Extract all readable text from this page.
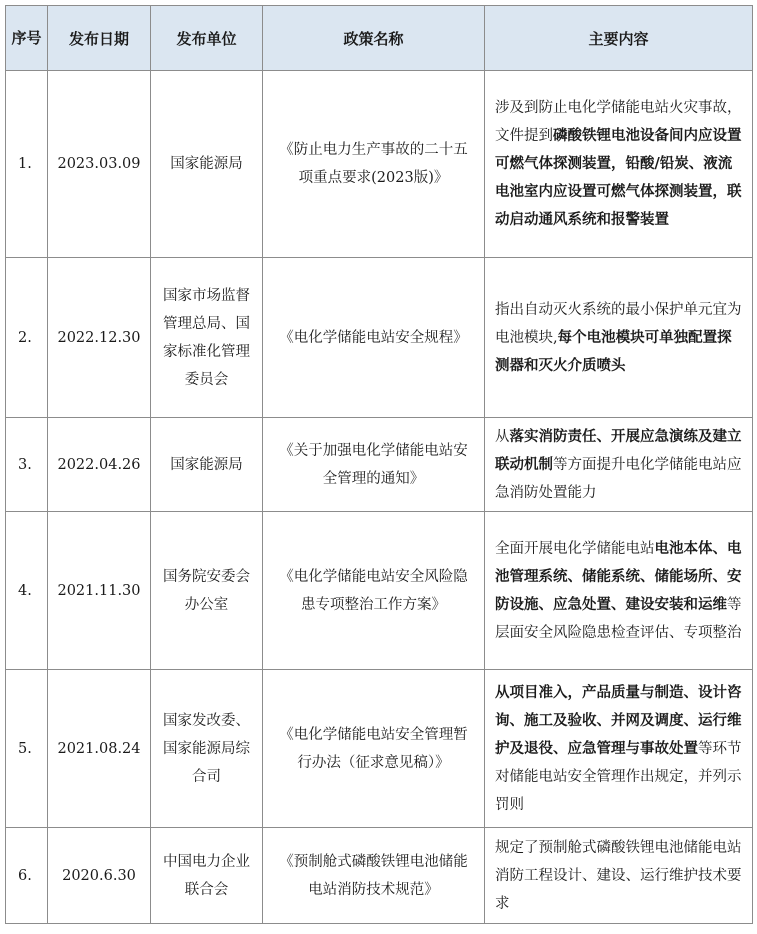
序号	发布日期	发布单位	政策名称	主要内容
1.	2023.03.09	国家能源局	《防止电力生产事故的二十五项重点要求(2023版)》	涉及到防止电化学储能电站火灾事故，文件提到磷酸铁锂电池设备间内应设置可燃气体探测装置，铅酸/铅炭、液流电池室内应设置可燃气体探测装置，联动启动通风系统和报警装置
2.	2022.12.30	国家市场监督管理总局、国家标准化管理委员会	《电化学储能电站安全规程》	指出自动灭火系统的最小保护单元宜为电池模块,每个电池模块可单独配置探测器和灭火介质喷头
3.	2022.04.26	国家能源局	《关于加强电化学储能电站安全管理的通知》	从落实消防责任、开展应急演练及建立联动机制等方面提升电化学储能电站应急消防处置能力
4.	2021.11.30	国务院安委会办公室	《电化学储能电站安全风险隐患专项整治工作方案》	全面开展电化学储能电站电池本体、电池管理系统、储能系统、储能场所、安防设施、应急处置、建设安装和运维等层面安全风险隐患检查评估、专项整治
5.	2021.08.24	国家发改委、国家能源局综合司	《电化学储能电站安全管理暂行办法（征求意见稿）》	从项目准入，产品质量与制造、设计咨询、施工及验收、并网及调度、运行维护及退役、应急管理与事故处置等环节对储能电站安全管理作出规定，并列示罚则
6.	2020.6.30	中国电力企业联合会	《预制舱式磷酸铁锂电池储能电站消防技术规范》	规定了预制舱式磷酸铁锂电池储能电站消防工程设计、建设、运行维护技术要求
